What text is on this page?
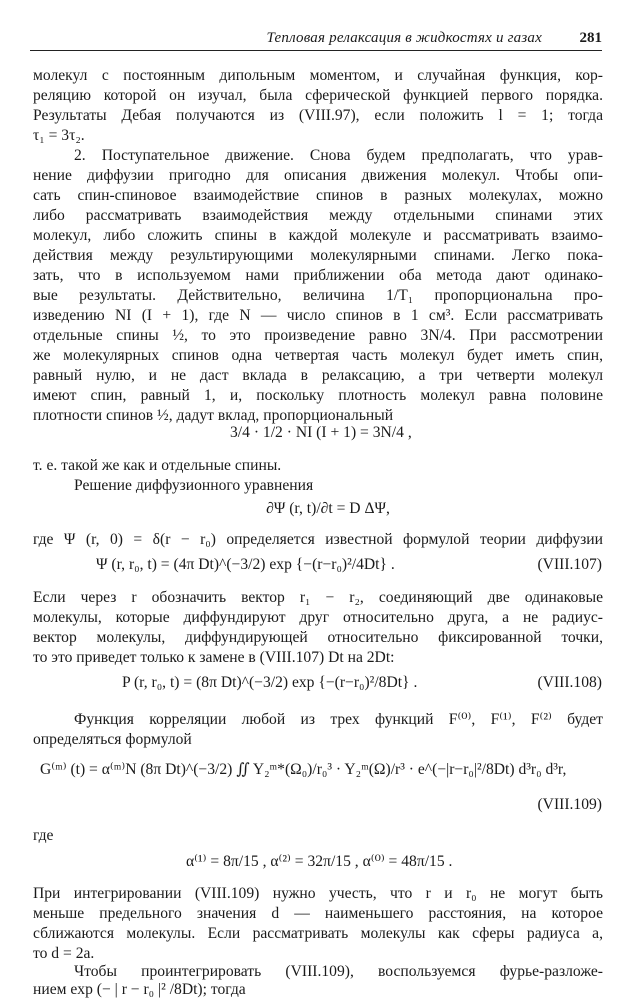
Тепловая релаксация в жидкостях и газах	281
молекул с постоянным дипольным моментом, и случайная функция, кор-
реляцию которой он изучал, была сферической функцией первого порядка.
Результаты Дебая получаются из (VIII.97), если положить l = 1; тогда
τ₁ = 3τ₂.
2. Поступательное движение. Снова будем предполагать, что урав-
нение диффузии пригодно для описания движения молекул. Чтобы опи-
сать спин-спиновое взаимодействие спинов в разных молекулах, можно
либо рассматривать взаимодействия между отдельными спинами этих
молекул, либо сложить спины в каждой молекуле и рассматривать взаимо-
действия между результирующими молекулярными спинами. Легко пока-
зать, что в используемом нами приближении оба метода дают одинако-
вые результаты. Действительно, величина 1/T₁ пропорциональна про-
изведению NI (I + 1), где N — число спинов в 1 см³. Если рассматривать
отдельные спины ½, то это произведение равно 3N/4. При рассмотрении
же молекулярных спинов одна четвертая часть молекул будет иметь спин,
равный нулю, и не даст вклада в релаксацию, а три четверти молекул
имеют спин, равный 1, и, поскольку плотность молекул равна половине
плотности спинов ½, дадут вклад, пропорциональный
3/4 · 1/2 · NI (I + 1) = 3N/4 ,
т. е. такой же как и отдельные спины.
Решение диффузионного уравнения
∂Ψ (r, t)/∂t = D ΔΨ,
где Ψ (r, 0) = δ(r − r₀) определяется известной формулой теории диффузии
Ψ (r, r₀, t) = (4π Dt)^(−3/2) exp {−(r−r₀)²/4Dt} .	(VIII.107)
Если через r обозначить вектор r₁ − r₂, соединяющий две одинаковые
молекулы, которые диффундируют друг относительно друга, а не радиус-
вектор молекулы, диффундирующей относительно фиксированной точки,
то это приведет только к замене в (VIII.107) Dt на 2Dt:
P (r, r₀, t) = (8π Dt)^(−3/2) exp {−(r−r₀)²/8Dt} .	(VIII.108)
Функция корреляции любой из трех функций F⁽⁰⁾, F⁽¹⁾, F⁽²⁾ будет
определяться формулой
G⁽ᵐ⁾ (t) = α⁽ᵐ⁾N (8π Dt)^(−3/2) ∬ Y₂ᵐ*(Ω₀)/r₀³ · Y₂ᵐ(Ω)/r³ · e^(−|r−r₀|²/8Dt) d³r₀ d³r,
(VIII.109)
где
α⁽¹⁾ = 8π/15 , α⁽²⁾ = 32π/15 , α⁽⁰⁾ = 48π/15 .
При интегрировании (VIII.109) нужно учесть, что r и r₀ не могут быть
меньше предельного значения d — наименьшего расстояния, на которое
сближаются молекулы. Если рассматривать молекулы как сферы радиуса a,
то d = 2a.
Чтобы проинтегрировать (VIII.109), воспользуемся фурье-разложе-
нием exp (− | r − r₀ |² /8Dt); тогда
